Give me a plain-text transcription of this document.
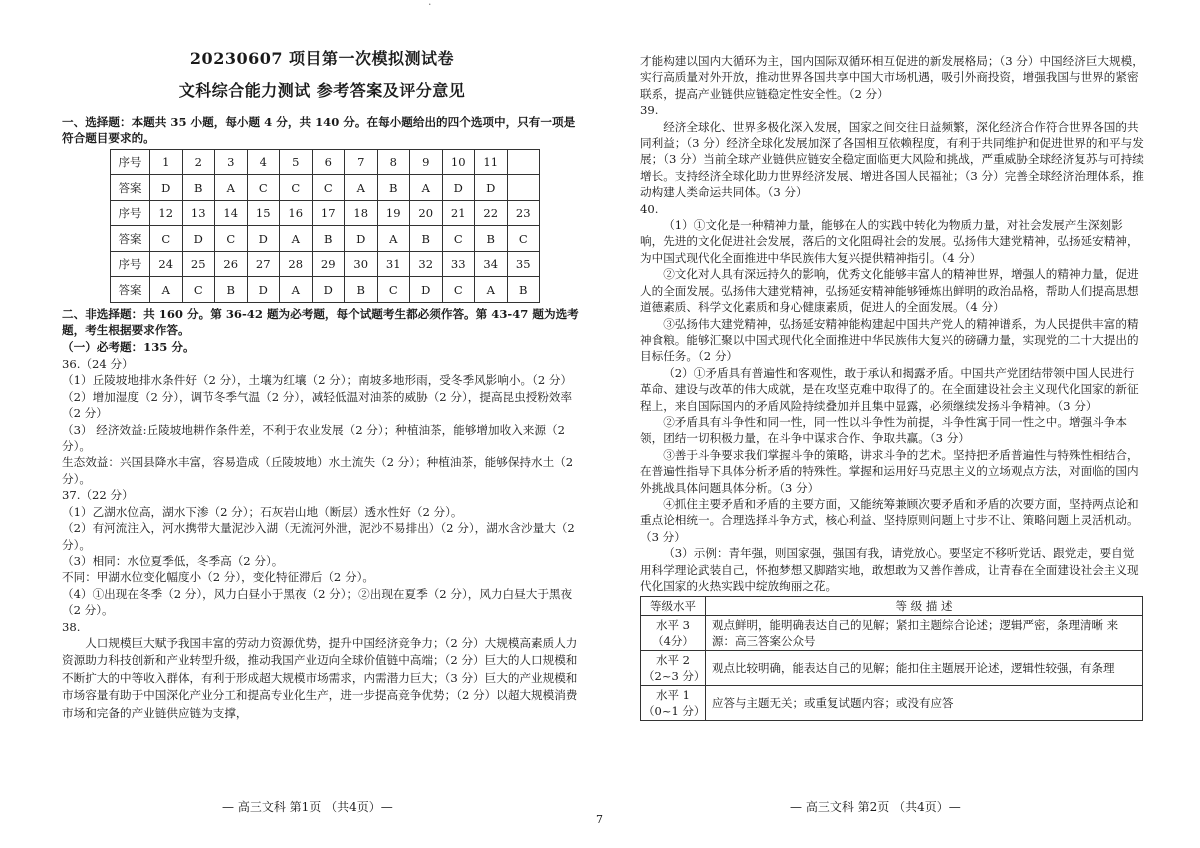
·
20230607 项目第一次模拟测试卷
文科综合能力测试 参考答案及评分意见

一、选择题：本题共 35 小题，每小题 4 分，共 140 分。在每小题给出的四个选项中，只有一项是符合题目要求的。

序号	1	2	3	4	5	6	7	8	9	10	11	
答案	D	B	A	C	C	C	A	B	A	D	D	
序号	12	13	14	15	16	17	18	19	20	21	22	23
答案	C	D	C	D	A	B	D	A	B	C	B	C
序号	24	25	26	27	28	29	30	31	32	33	34	35
答案	A	C	B	D	A	D	B	C	D	C	A	B

二、非选择题：共 160 分。第 36-42 题为必考题，每个试题考生都必须作答。第 43-47 题为选考题，考生根据要求作答。

（一）必考题：135 分。

36.（24 分）

（1）丘陵坡地排水条件好（2 分），土壤为红壤（2 分）；南坡多地形雨，受冬季风影响小。（2 分）

（2）增加湿度（2 分），调节冬季气温（2 分），减轻低温对油茶的威胁（2 分），提高昆虫授粉效率（2 分）

（3） 经济效益:丘陵坡地耕作条件差，不利于农业发展（2 分）；种植油茶，能够增加收入来源（2 分）。

生态效益：兴国县降水丰富，容易造成（丘陵坡地）水土流失（2 分）；种植油茶，能够保持水土（2 分）。

37.（22 分）

（1）乙湖水位高，湖水下渗（2 分）；石灰岩山地（断层）透水性好（2 分）。

（2）有河流注入，河水携带大量泥沙入湖（无流河外泄，泥沙不易排出）（2 分），湖水含沙量大（2 分）。

（3）相同：水位夏季低，冬季高（2 分）。

不同：甲湖水位变化幅度小（2 分），变化特征滞后（2 分）。

（4）①出现在冬季（2 分），风力白昼小于黑夜（2 分）；②出现在夏季（2 分），风力白昼大于黑夜（2 分）。

38.

人口规模巨大赋予我国丰富的劳动力资源优势，提升中国经济竞争力；（2 分）大规模高素质人力资源助力科技创新和产业转型升级，推动我国产业迈向全球价值链中高端；（2 分）巨大的人口规模和不断扩大的中等收入群体，有利于形成超大规模市场需求，内需潜力巨大；（3 分）巨大的产业规模和市场容量有助于中国深化产业分工和提高专业化生产，进一步提高竞争优势；（2 分）以超大规模消费市场和完备的产业链供应链为支撑，

— 高三文科 第1页 （共4页）—
7

才能构建以国内大循环为主，国内国际双循环相互促进的新发展格局；（3 分）中国经济巨大规模，实行高质量对外开放，推动世界各国共享中国大市场机遇，吸引外商投资，增强我国与世界的紧密联系，提高产业链供应链稳定性安全性。（2 分）

39.

经济全球化、世界多极化深入发展，国家之间交往日益频繁，深化经济合作符合世界各国的共同利益；（3 分）经济全球化发展加深了各国相互依赖程度，有利于共同维护和促进世界的和平与发展；（3 分）当前全球产业链供应链安全稳定面临更大风险和挑战，严重威胁全球经济复苏与可持续增长。支持经济全球化助力世界经济发展、增进各国人民福祉；（3 分）完善全球经济治理体系，推动构建人类命运共同体。（3 分）

40.

（1）①文化是一种精神力量，能够在人的实践中转化为物质力量，对社会发展产生深刻影响，先进的文化促进社会发展，落后的文化阻碍社会的发展。弘扬伟大建党精神，弘扬延安精神，为中国式现代化全面推进中华民族伟大复兴提供精神指引。（4 分）

②文化对人具有深远持久的影响，优秀文化能够丰富人的精神世界，增强人的精神力量，促进人的全面发展。弘扬伟大建党精神，弘扬延安精神能够锤炼出鲜明的政治品格，帮助人们提高思想道德素质、科学文化素质和身心健康素质，促进人的全面发展。（4 分）

③弘扬伟大建党精神，弘扬延安精神能构建起中国共产党人的精神谱系，为人民提供丰富的精神食粮。能够汇聚以中国式现代化全面推进中华民族伟大复兴的磅礴力量，实现党的二十大提出的目标任务。（2 分）

（2）①矛盾具有普遍性和客观性，敢于承认和揭露矛盾。中国共产党团结带领中国人民进行革命、建设与改革的伟大成就，是在攻坚克难中取得了的。在全面建设社会主义现代化国家的新征程上，来自国际国内的矛盾风险持续叠加并且集中显露，必须继续发扬斗争精神。（3 分）

②矛盾具有斗争性和同一性，同一性以斗争性为前提，斗争性寓于同一性之中。增强斗争本领，团结一切积极力量，在斗争中谋求合作、争取共赢。（3 分）

③善于斗争要求我们掌握斗争的策略，讲求斗争的艺术。坚持把矛盾普遍性与特殊性相结合，在普遍性指导下具体分析矛盾的特殊性。掌握和运用好马克思主义的立场观点方法，对面临的国内外挑战具体问题具体分析。（3 分）

④抓住主要矛盾和矛盾的主要方面，又能统筹兼顾次要矛盾和矛盾的次要方面，坚持两点论和重点论相统一。合理选择斗争方式，核心利益、坚持原则问题上寸步不让、策略问题上灵活机动。（3 分）

（3）示例：青年强，则国家强，强国有我，请党放心。要坚定不移听党话、跟党走，要自觉用科学理论武装自己，怀抱梦想又脚踏实地，敢想敢为又善作善成，让青春在全面建设社会主义现代化国家的火热实践中绽放绚丽之花。

等级水平	等 级 描 述

水平 3
（4分）	观点鲜明，能明确表达自己的见解；紧扣主题综合论述；逻辑严密，条理清晰 来源：高三答案公众号

水平 2
（2~3 分）	观点比较明确，能表达自己的见解；能扣住主题展开论述，逻辑性较强，有条理

水平 1
（0~1 分）	应答与主题无关；或重复试题内容；或没有应答
— 高三文科 第2页 （共4页）—
